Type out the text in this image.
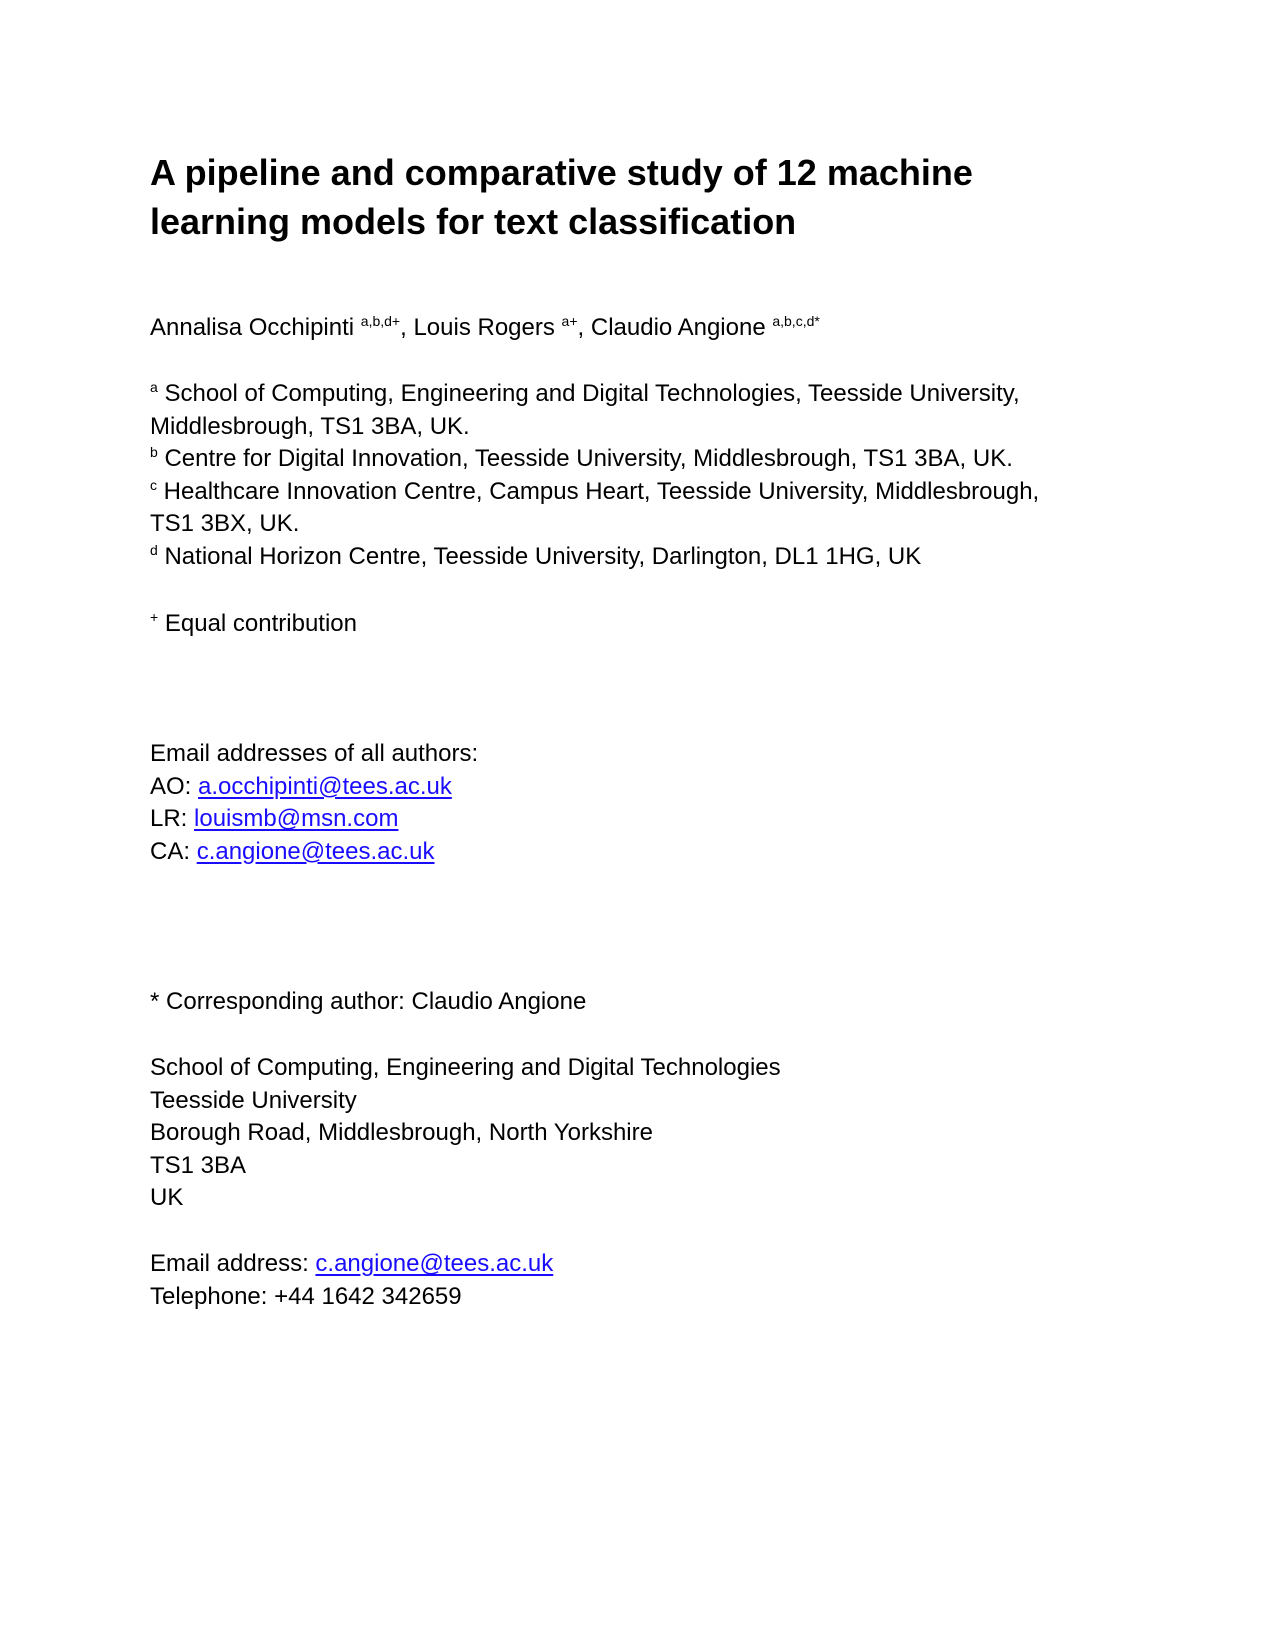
A pipeline and comparative study of 12 machine learning models for text classification
Annalisa Occhipinti $^{a,b,d+}$, Louis Rogers $^{a+}$, Claudio Angione $^{a,b,c,d*}$
$^a$ School of Computing, Engineering and Digital Technologies, Teesside University,
Middlesbrough, TS1 3BA, UK.
$^b$ Centre for Digital Innovation, Teesside University, Middlesbrough, TS1 3BA, UK.
$^c$ Healthcare Innovation Centre, Campus Heart, Teesside University, Middlesbrough,
TS1 3BX, UK.
$^d$ National Horizon Centre, Teesside University, Darlington, DL1 1HG, UK
+ Equal contribution
Email addresses of all authors:
AO: a.occhipinti@tees.ac.uk
LR: louismb@msn.com
CA: c.angione@tees.ac.uk
* Corresponding author: Claudio Angione
School of Computing, Engineering and Digital Technologies
Teesside University
Borough Road, Middlesbrough, North Yorkshire
TS1 3BA
UK
Email address: c.angione@tees.ac.uk
Telephone: +44 1642 342659
